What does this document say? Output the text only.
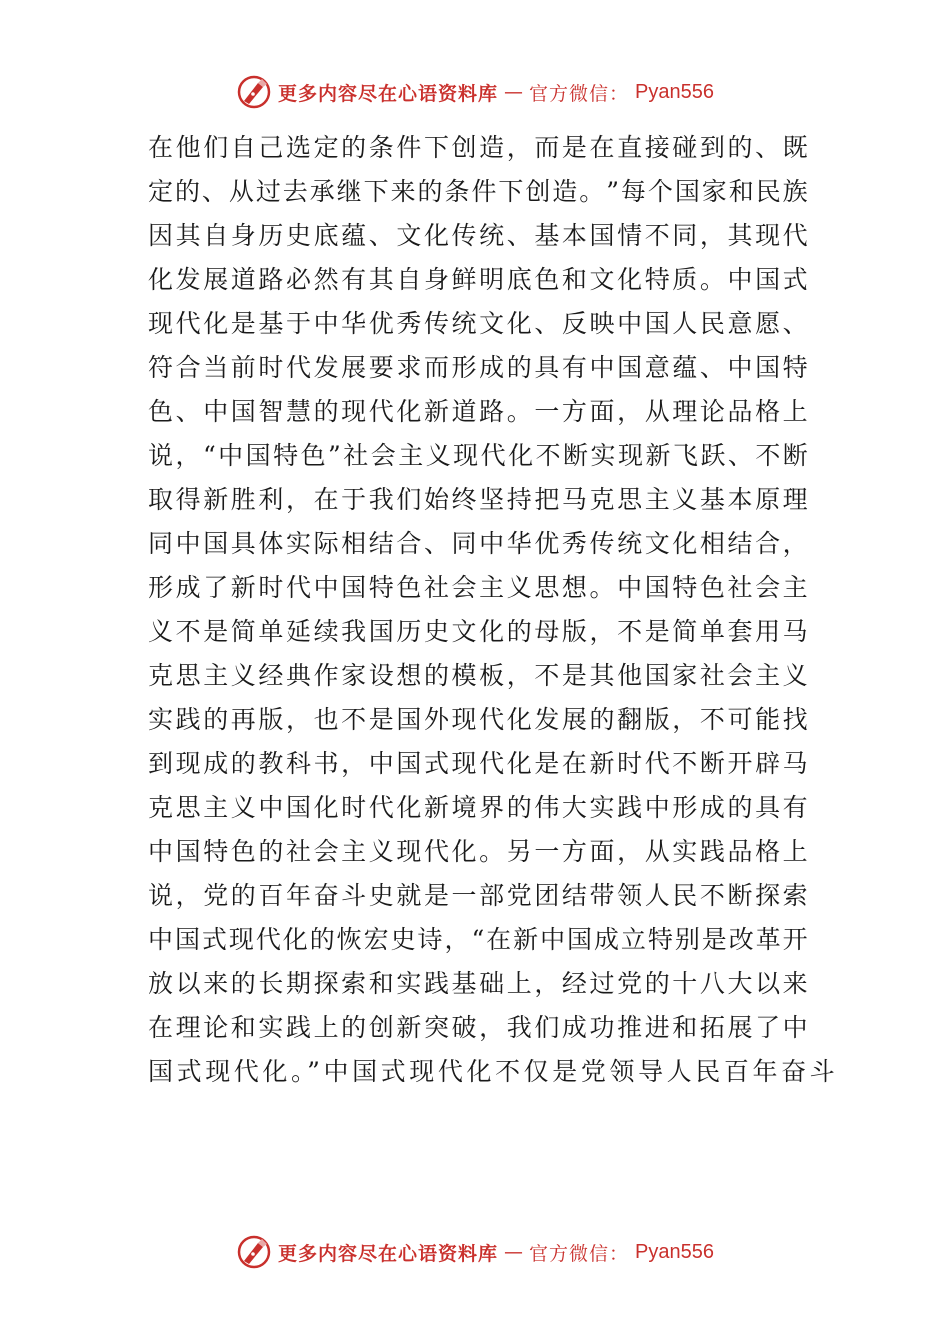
更多内容尽在心语资料库 — 官方微信： Pyan556
在 他 们 自 己 选 定 的 条 件 下 创 造 ， 而 是 在 直 接 碰 到 的 、 既
定 的 、 从 过 去 承 继 下 来 的 条 件 下 创 造 。 ” 每 个 国 家 和 民 族
因 其 自 身 历 史 底 蕴 、 文 化 传 统 、 基 本 国 情 不 同 ， 其 现 代
化 发 展 道 路 必 然 有 其 自 身 鲜 明 底 色 和 文 化 特 质 。 中 国 式
现 代 化 是 基 于 中 华 优 秀 传 统 文 化 、 反 映 中 国 人 民 意 愿 、
符 合 当 前 时 代 发 展 要 求 而 形 成 的 具 有 中 国 意 蕴 、 中 国 特
色 、 中 国 智 慧 的 现 代 化 新 道 路 。 一 方 面 ， 从 理 论 品 格 上
说 ， “ 中 国 特 色 ” 社 会 主 义 现 代 化 不 断 实 现 新 飞 跃 、 不 断
取 得 新 胜 利 ， 在 于 我 们 始 终 坚 持 把 马 克 思 主 义 基 本 原 理
同 中 国 具 体 实 际 相 结 合 、 同 中 华 优 秀 传 统 文 化 相 结 合 ，
形 成 了 新 时 代 中 国 特 色 社 会 主 义 思 想 。 中 国 特 色 社 会 主
义 不 是 简 单 延 续 我 国 历 史 文 化 的 母 版 ， 不 是 简 单 套 用 马
克 思 主 义 经 典 作 家 设 想 的 模 板 ， 不 是 其 他 国 家 社 会 主 义
实 践 的 再 版 ， 也 不 是 国 外 现 代 化 发 展 的 翻 版 ， 不 可 能 找
到 现 成 的 教 科 书 ， 中 国 式 现 代 化 是 在 新 时 代 不 断 开 辟 马
克 思 主 义 中 国 化 时 代 化 新 境 界 的 伟 大 实 践 中 形 成 的 具 有
中 国 特 色 的 社 会 主 义 现 代 化 。 另 一 方 面 ， 从 实 践 品 格 上
说 ， 党 的 百 年 奋 斗 史 就 是 一 部 党 团 结 带 领 人 民 不 断 探 索
中 国 式 现 代 化 的 恢 宏 史 诗 ， “ 在 新 中 国 成 立 特 别 是 改 革 开
放 以 来 的 长 期 探 索 和 实 践 基 础 上 ， 经 过 党 的 十 八 大 以 来
在 理 论 和 实 践 上 的 创 新 突 破 ， 我 们 成 功 推 进 和 拓 展 了 中
国式现代化。”中国式现代化不仅是党领导人民百年奋斗
更多内容尽在心语资料库 — 官方微信： Pyan556
